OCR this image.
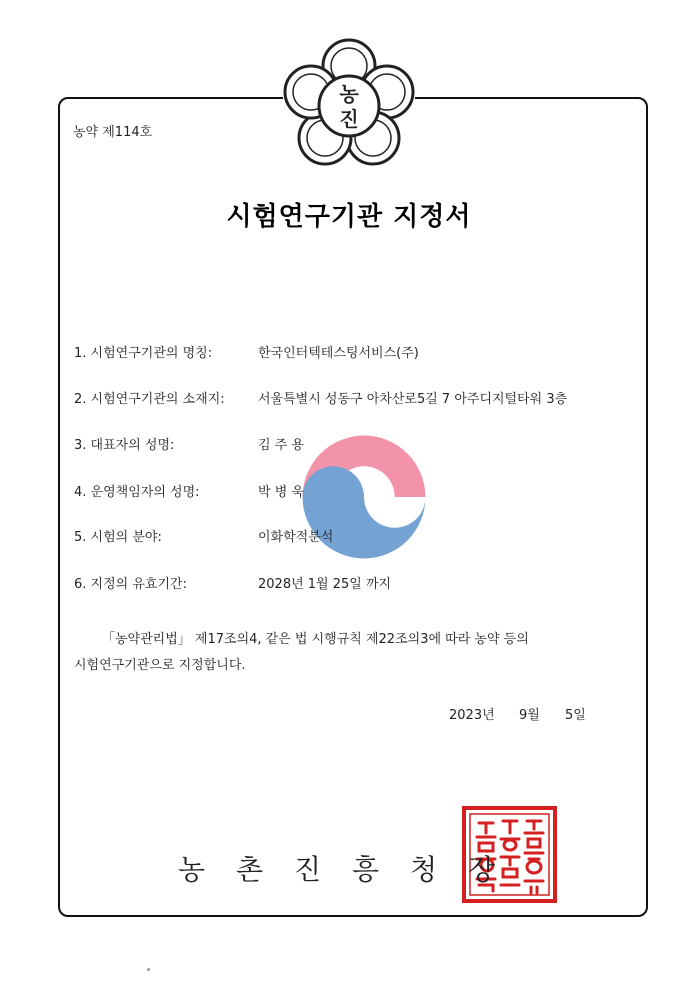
농
진
농약 제114호
시험연구기관 지정서
1. 시험연구기관의 명칭:	한국인터텍테스팅서비스(주)
2. 시험연구기관의 소재지:	서울특별시 성동구 아차산로5길 7 아주디지털타워 3층
3. 대표자의 성명:	김 주 용
4. 운영책임자의 성명:	박 병 욱
5. 시험의 분야:	이화학적분석
6. 지정의 유효기간:	2028년 1월 25일 까지
「농약관리법」 제17조의4, 같은 법 시행규칙 제22조의3에 따라 농약 등의
시험연구기관으로 지정합니다.
2023년 9월 5일
농 촌 진 흥 청 장
